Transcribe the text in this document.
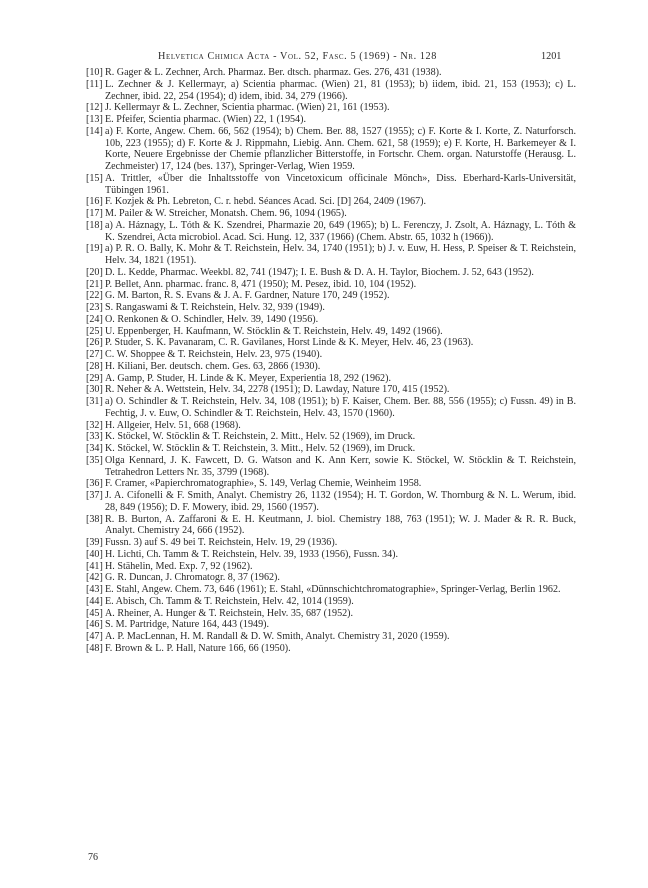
Helvetica Chimica Acta - Vol. 52, Fasc. 5 (1969) - Nr. 128	1201

[10] R. Gager & L. Zechner, Arch. Pharmaz. Ber. dtsch. pharmaz. Ges. 276, 431 (1938).

[11] L. Zechner & J. Kellermayr, a) Scientia pharmac. (Wien) 21, 81 (1953); b) iidem, ibid. 21, 153 (1953); c) L. Zechner, ibid. 22, 254 (1954); d) idem, ibid. 34, 279 (1966).

[12] J. Kellermayr & L. Zechner, Scientia pharmac. (Wien) 21, 161 (1953).

[13] E. Pfeifer, Scientia pharmac. (Wien) 22, 1 (1954).

[14] a) F. Korte, Angew. Chem. 66, 562 (1954); b) Chem. Ber. 88, 1527 (1955); c) F. Korte & I. Korte, Z. Naturforsch. 10b, 223 (1955); d) F. Korte & J. Rippmahn, Liebig. Ann. Chem. 621, 58 (1959); e) F. Korte, H. Barkemeyer & I. Korte, Neuere Ergebnisse der Chemie pflanzlicher Bitterstoffe, in Fortschr. Chem. organ. Naturstoffe (Herausg. L. Zechmeister) 17, 124 (bes. 137), Springer-Verlag, Wien 1959.

[15] A. Trittler, «Über die Inhaltsstoffe von Vincetoxicum officinale Mönch», Diss. Eberhard-Karls-Universität, Tübingen 1961.

[16] F. Kozjek & Ph. Lebreton, C. r. hebd. Séances Acad. Sci. [D] 264, 2409 (1967).

[17] M. Pailer & W. Streicher, Monatsh. Chem. 96, 1094 (1965).

[18] a) A. Háznagy, L. Tóth & K. Szendrei, Pharmazie 20, 649 (1965); b) L. Ferenczy, J. Zsolt, A. Háznagy, L. Tóth & K. Szendrei, Acta microbiol. Acad. Sci. Hung. 12, 337 (1966) (Chem. Abstr. 65, 1032 h (1966)).

[19] a) P. R. O. Bally, K. Mohr & T. Reichstein, Helv. 34, 1740 (1951); b) J. v. Euw, H. Hess, P. Speiser & T. Reichstein, Helv. 34, 1821 (1951).

[20] D. L. Kedde, Pharmac. Weekbl. 82, 741 (1947); I. E. Bush & D. A. H. Taylor, Biochem. J. 52, 643 (1952).

[21] P. Bellet, Ann. pharmac. franc. 8, 471 (1950); M. Pesez, ibid. 10, 104 (1952).

[22] G. M. Barton, R. S. Evans & J. A. F. Gardner, Nature 170, 249 (1952).

[23] S. Rangaswami & T. Reichstein, Helv. 32, 939 (1949).

[24] O. Renkonen & O. Schindler, Helv. 39, 1490 (1956).

[25] U. Eppenberger, H. Kaufmann, W. Stöcklin & T. Reichstein, Helv. 49, 1492 (1966).

[26] P. Studer, S. K. Pavanaram, C. R. Gavilanes, Horst Linde & K. Meyer, Helv. 46, 23 (1963).

[27] C. W. Shoppee & T. Reichstein, Helv. 23, 975 (1940).

[28] H. Kiliani, Ber. deutsch. chem. Ges. 63, 2866 (1930).

[29] A. Gamp, P. Studer, H. Linde & K. Meyer, Experientia 18, 292 (1962).

[30] R. Neher & A. Wettstein, Helv. 34, 2278 (1951); D. Lawday, Nature 170, 415 (1952).

[31] a) O. Schindler & T. Reichstein, Helv. 34, 108 (1951); b) F. Kaiser, Chem. Ber. 88, 556 (1955); c) Fussn. 49) in B. Fechtig, J. v. Euw, O. Schindler & T. Reichstein, Helv. 43, 1570 (1960).

[32] H. Allgeier, Helv. 51, 668 (1968).

[33] K. Stöckel, W. Stöcklin & T. Reichstein, 2. Mitt., Helv. 52 (1969), im Druck.

[34] K. Stöckel, W. Stöcklin & T. Reichstein, 3. Mitt., Helv. 52 (1969), im Druck.

[35] Olga Kennard, J. K. Fawcett, D. G. Watson and K. Ann Kerr, sowie K. Stöckel, W. Stöcklin & T. Reichstein, Tetrahedron Letters Nr. 35, 3799 (1968).

[36] F. Cramer, «Papierchromatographie», S. 149, Verlag Chemie, Weinheim 1958.

[37] J. A. Cifonelli & F. Smith, Analyt. Chemistry 26, 1132 (1954); H. T. Gordon, W. Thornburg & N. L. Werum, ibid. 28, 849 (1956); D. F. Mowery, ibid. 29, 1560 (1957).

[38] R. B. Burton, A. Zaffaroni & E. H. Keutmann, J. biol. Chemistry 188, 763 (1951); W. J. Mader & R. R. Buck, Analyt. Chemistry 24, 666 (1952).

[39] Fussn. 3) auf S. 49 bei T. Reichstein, Helv. 19, 29 (1936).

[40] H. Lichti, Ch. Tamm & T. Reichstein, Helv. 39, 1933 (1956), Fussn. 34).

[41] H. Stähelin, Med. Exp. 7, 92 (1962).

[42] G. R. Duncan, J. Chromatogr. 8, 37 (1962).

[43] E. Stahl, Angew. Chem. 73, 646 (1961); E. Stahl, «Dünnschichtchromatographie», Springer-Verlag, Berlin 1962.

[44] E. Abisch, Ch. Tamm & T. Reichstein, Helv. 42, 1014 (1959).

[45] A. Rheiner, A. Hunger & T. Reichstein, Helv. 35, 687 (1952).

[46] S. M. Partridge, Nature 164, 443 (1949).

[47] A. P. MacLennan, H. M. Randall & D. W. Smith, Analyt. Chemistry 31, 2020 (1959).

[48] F. Brown & L. P. Hall, Nature 166, 66 (1950).

76
